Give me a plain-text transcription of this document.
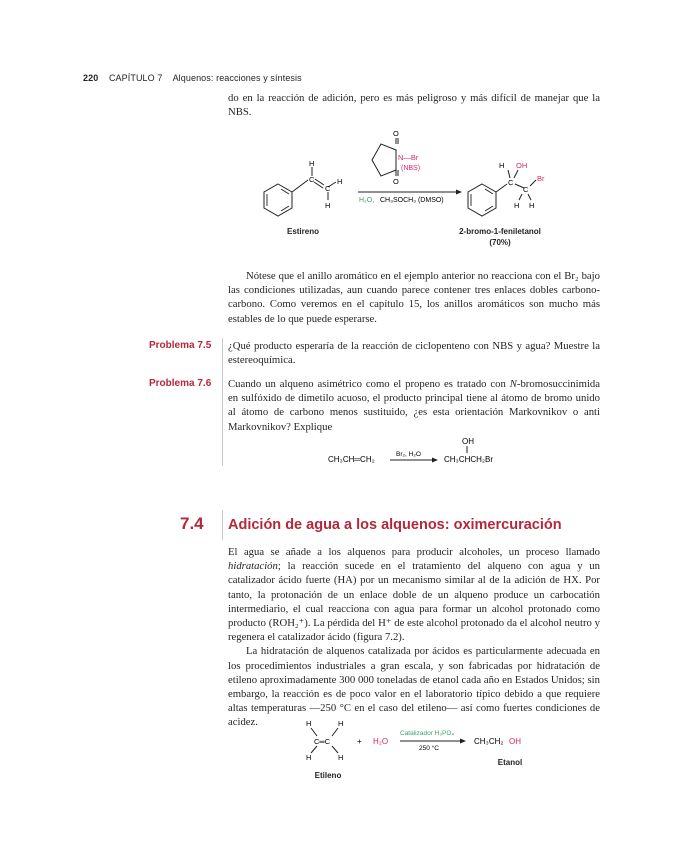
220 CAPÍTULO 7 Alquenos: reacciones y síntesis

do en la reacción de adición, pero es más peligroso y más difícil de manejar que la NBS.

H
C
C
H
H
O
O
N—Br
(NBS)
H₂O, CH₃SOCH₃ (DMSO)
H OH
C
C
Br
H H
Estireno	2-bromo-1-feniletanol
(70%)

Nótese que el anillo aromático en el ejemplo anterior no reacciona con el Br₂ bajo las condiciones utilizadas, aun cuando parece contener tres enlaces dobles carbono-carbono. Como veremos en el capítulo 15, los anillos aromáticos son mucho más estables de lo que puede esperarse.

Problema 7.5 ¿Qué producto esperaría de la reacción de ciclopenteno con NBS y agua? Muestre la estereoquímica.

Problema 7.6 Cuando un alqueno asimétrico como el propeno es tratado con N-bromosuccinimida en sulfóxido de dimetilo acuoso, el producto principal tiene al átomo de bromo unido al átomo de carbono menos sustituido, ¿es esta orientación Markovnikov o anti Markovnikov? Explique

CH₃CH═CH₂
Br₂, H₂O
OH
CH₃CHCH₂Br
7.4 Adición de agua a los alquenos: oximercuración

El agua se añade a los alquenos para producir alcoholes, un proceso llamado hidratación; la reacción sucede en el tratamiento del alqueno con agua y un catalizador ácido fuerte (HA) por un mecanismo similar al de la adición de HX. Por tanto, la protonación de un enlace doble de un alqueno produce un carbocatión intermediario, el cual reacciona con agua para formar un alcohol protonado como producto (ROH₂⁺). La pérdida del H⁺ de este alcohol protonado da el alcohol neutro y regenera el catalizador ácido (figura 7.2).

La hidratación de alquenos catalizada por ácidos es particularmente adecuada en los procedimientos industriales a gran escala, y son fabricadas por hidratación de etileno aproximadamente 300 000 toneladas de etanol cada año en Estados Unidos; sin embargo, la reacción es de poco valor en el laboratorio típico debido a que requiere altas temperaturas —250 °C en el caso del etileno— así como fuertes condiciones de acidez.	H	H
H	H
C═C	+ H₂O
Catalizador H₃PO₄
250 °C
CH₃CH₂ OH
Etanol
Etileno
